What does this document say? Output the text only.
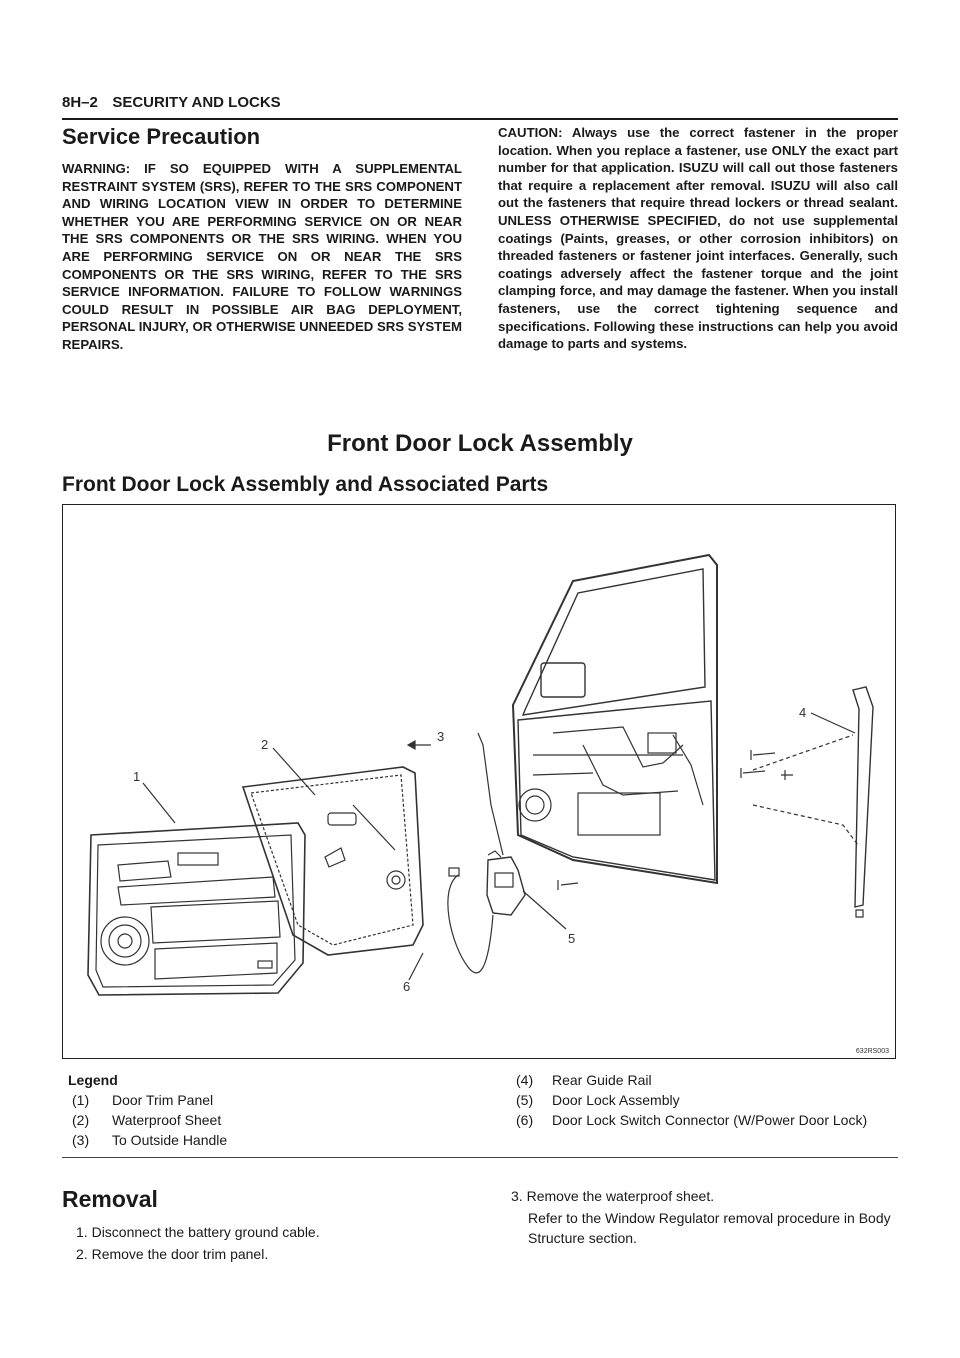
8H–2 SECURITY AND LOCKS
Service Precaution
WARNING: IF SO EQUIPPED WITH A SUPPLEMENTAL RESTRAINT SYSTEM (SRS), REFER TO THE SRS COMPONENT AND WIRING LOCATION VIEW IN ORDER TO DETERMINE WHETHER YOU ARE PERFORMING SERVICE ON OR NEAR THE SRS COMPONENTS OR THE SRS WIRING. WHEN YOU ARE PERFORMING SERVICE ON OR NEAR THE SRS COMPONENTS OR THE SRS WIRING, REFER TO THE SRS SERVICE INFORMATION. FAILURE TO FOLLOW WARNINGS COULD RESULT IN POSSIBLE AIR BAG DEPLOYMENT, PERSONAL INJURY, OR OTHERWISE UNNEEDED SRS SYSTEM REPAIRS.
CAUTION: Always use the correct fastener in the proper location. When you replace a fastener, use ONLY the exact part number for that application. ISUZU will call out those fasteners that require a replacement after removal. ISUZU will also call out the fasteners that require thread lockers or thread sealant. UNLESS OTHERWISE SPECIFIED, do not use supplemental coatings (Paints, greases, or other corrosion inhibitors) on threaded fasteners or fastener joint interfaces. Generally, such coatings adversely affect the fastener torque and the joint clamping force, and may damage the fastener. When you install fasteners, use the correct tightening sequence and specifications. Following these instructions can help you avoid damage to parts and systems.
Front Door Lock Assembly
Front Door Lock Assembly and Associated Parts
1
2
3
4
5
6
632RS003
Legend
(1) Door Trim Panel
(2) Waterproof Sheet
(3) To Outside Handle
(4) Rear Guide Rail
(5) Door Lock Assembly
(6) Door Lock Switch Connector (W/Power Door Lock)
Removal
1. Disconnect the battery ground cable.
2. Remove the door trim panel.
3. Remove the waterproof sheet.
Refer to the Window Regulator removal procedure in Body Structure section.
